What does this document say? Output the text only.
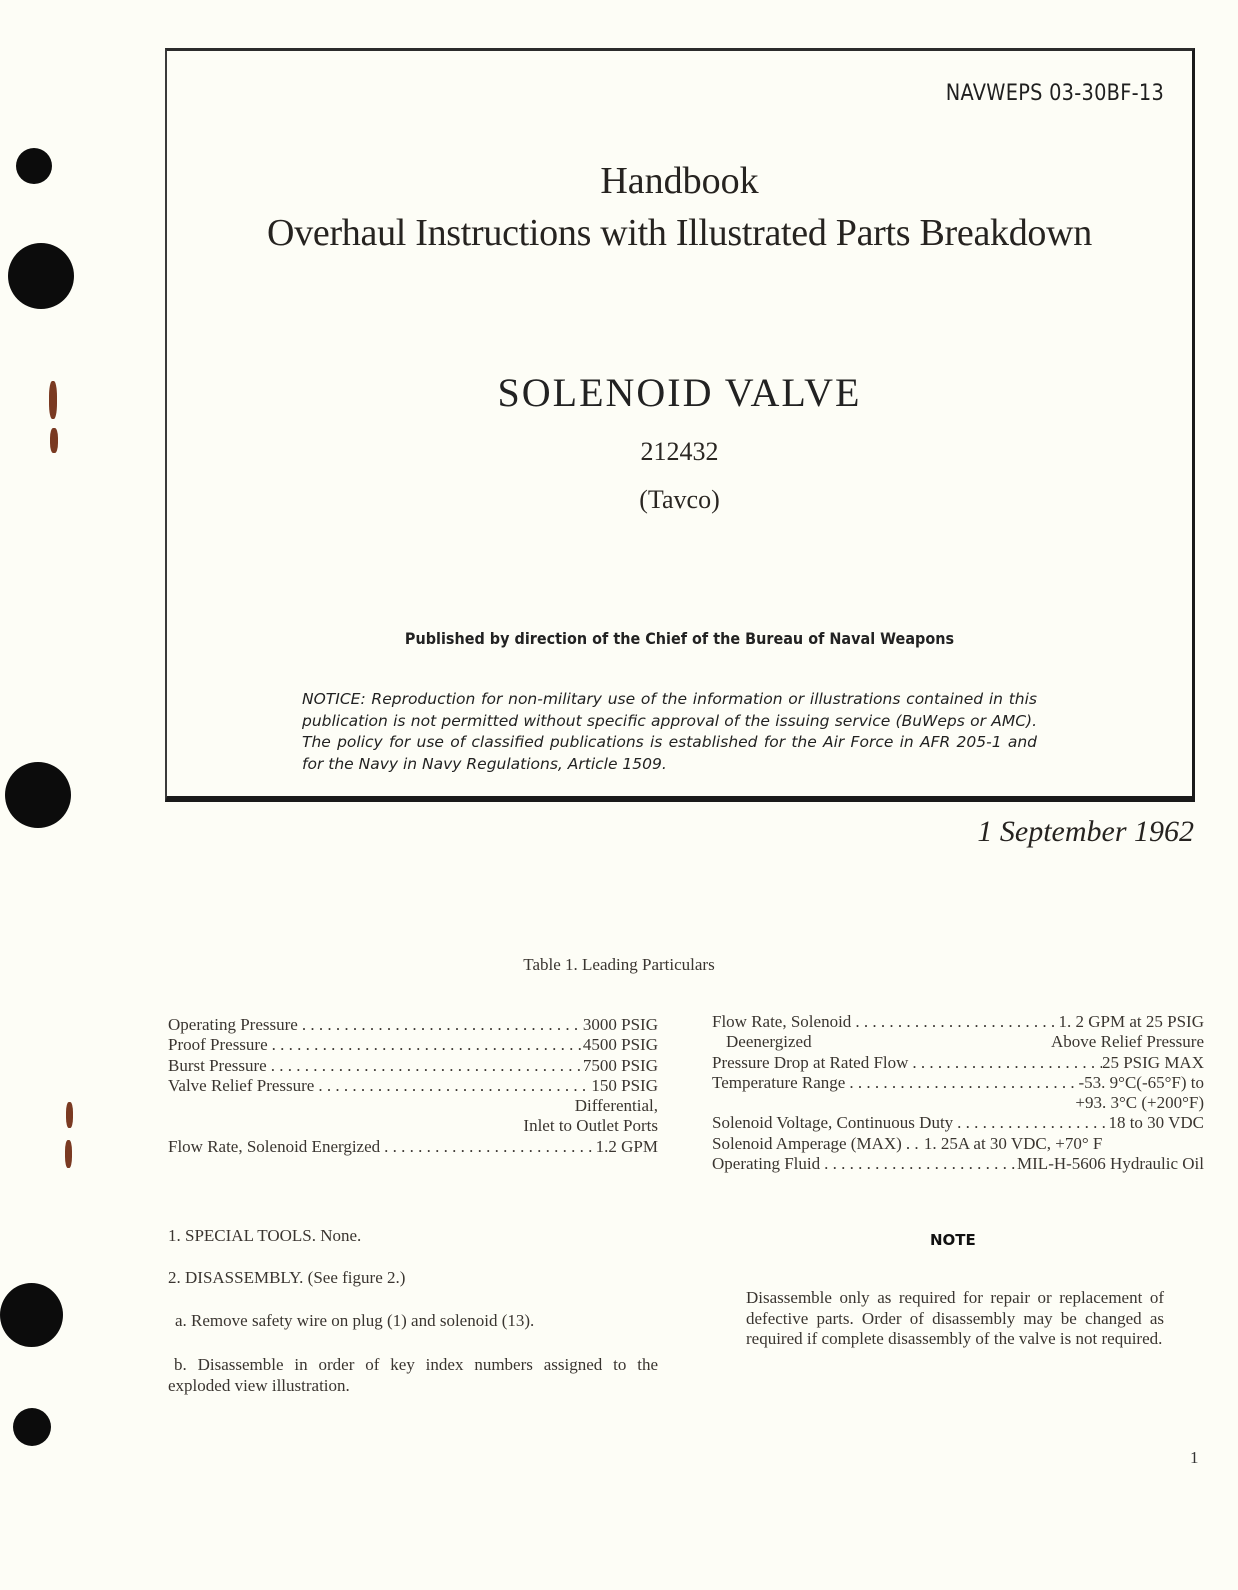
NAVWEPS 03-30BF-13
Handbook
Overhaul Instructions with Illustrated Parts Breakdown
SOLENOID VALVE
212432
(Tavco)
Published by direction of the Chief of the Bureau of Naval Weapons
NOTICE: Reproduction for non-military use of the information or illustrations contained in this publication is not permitted without specific approval of the issuing service (BuWeps or AMC). The policy for use of classified publications is established for the Air Force in AFR 205-1 and for the Navy in Navy Regulations, Article 1509.
1 September 1962
Table 1. Leading Particulars
Operating Pressure . . .	3000 PSIG
Proof Pressure . . .	4500 PSIG
Burst Pressure . . .	7500 PSIG
Valve Relief Pressure . . .	150 PSIG
Differential,
Inlet to Outlet Ports
Flow Rate, Solenoid Energized . . .	1.2 GPM
Flow Rate, Solenoid . . .	1. 2 GPM at 25 PSIG
Deenergized	Above Relief Pressure
Pressure Drop at Rated Flow . . .	25 PSIG MAX
Temperature Range . . .	-53. 9°C(-65°F) to
+93. 3°C (+200°F)
Solenoid Voltage, Continuous Duty . . .	18 to 30 VDC
Solenoid Amperage (MAX) . . . 1. 25A at 30 VDC, +70° F
Operating Fluid . . .	MIL-H-5606 Hydraulic Oil
1. SPECIAL TOOLS. None.
2. DISASSEMBLY. (See figure 2.)
a. Remove safety wire on plug (1) and solenoid (13).
b. Disassemble in order of key index numbers assigned to the exploded view illustration.
NOTE
Disassemble only as required for repair or replacement of defective parts. Order of disassembly may be changed as required if complete disassembly of the valve is not required.
1
